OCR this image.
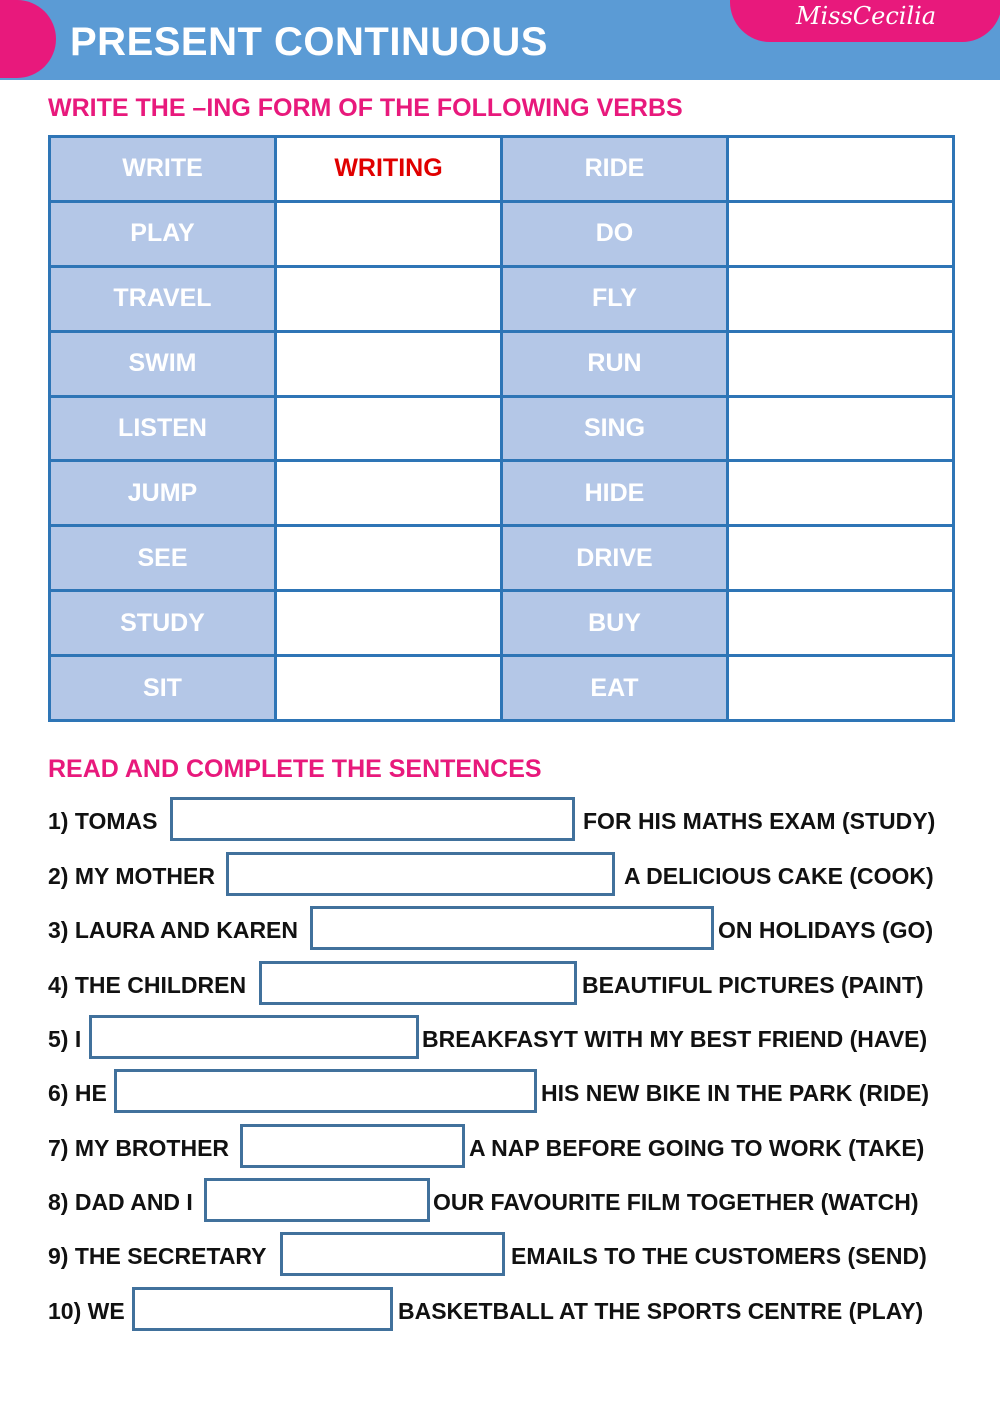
PRESENT CONTINUOUS
MissCecilia
WRITE THE –ING FORM OF THE FOLLOWING VERBS
WRITE	WRITING	RIDE	
PLAY		DO	
TRAVEL		FLY	
SWIM		RUN	
LISTEN		SING	
JUMP		HIDE	
SEE		DRIVE	
STUDY		BUY	
SIT		EAT	
READ AND COMPLETE THE SENTENCES
1) TOMAS	FOR HIS MATHS EXAM (STUDY)
2) MY MOTHER	A DELICIOUS CAKE (COOK)
3) LAURA AND KAREN	ON HOLIDAYS (GO)
4) THE CHILDREN	BEAUTIFUL PICTURES (PAINT)
5) I	BREAKFASYT WITH MY BEST FRIEND (HAVE)
6) HE	HIS NEW BIKE IN THE PARK (RIDE)
7) MY BROTHER	A NAP BEFORE GOING TO WORK (TAKE)
8) DAD AND I	OUR FAVOURITE FILM TOGETHER (WATCH)
9) THE SECRETARY	EMAILS TO THE CUSTOMERS (SEND)
10) WE	BASKETBALL AT THE SPORTS CENTRE (PLAY)
